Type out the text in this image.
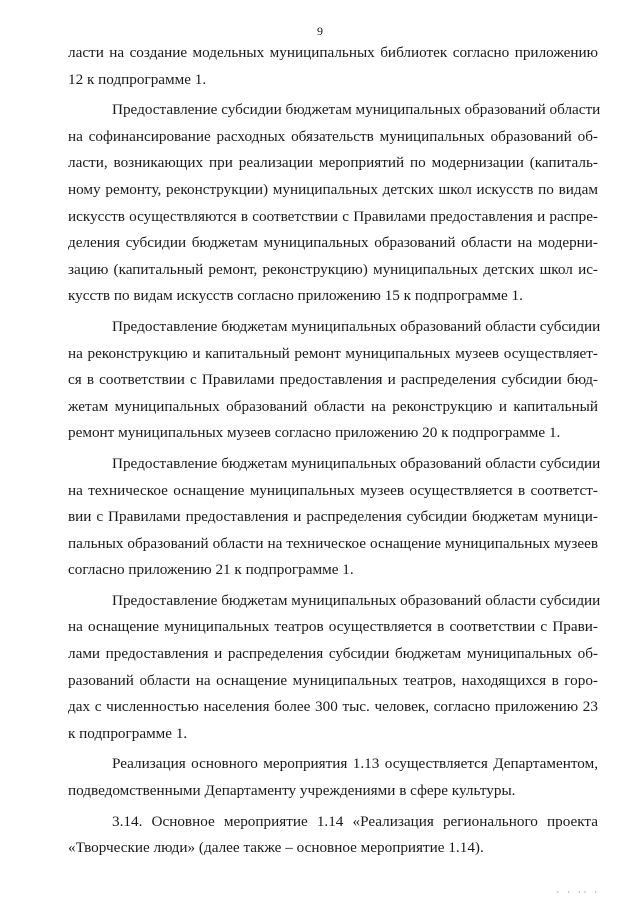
9
ласти на создание модельных муниципальных библиотек согласно приложению
12 к подпрограмме 1.
Предоставление субсидии бюджетам муниципальных образований области
на софинансирование расходных обязательств муниципальных образований об-
ласти, возникающих при реализации мероприятий по модернизации (капиталь-
ному ремонту, реконструкции) муниципальных детских школ искусств по видам
искусств осуществляются в соответствии с Правилами предоставления и распре-
деления субсидии бюджетам муниципальных образований области на модерни-
зацию (капитальный ремонт, реконструкцию) муниципальных детских школ ис-
кусств по видам искусств согласно приложению 15 к подпрограмме 1.
Предоставление бюджетам муниципальных образований области субсидии
на реконструкцию и капитальный ремонт муниципальных музеев осуществляет-
ся в соответствии с Правилами предоставления и распределения субсидии бюд-
жетам муниципальных образований области на реконструкцию и капитальный
ремонт муниципальных музеев согласно приложению 20 к подпрограмме 1.
Предоставление бюджетам муниципальных образований области субсидии
на техническое оснащение муниципальных музеев осуществляется в соответст-
вии с Правилами предоставления и распределения субсидии бюджетам муници-
пальных образований области на техническое оснащение муниципальных музеев
согласно приложению 21 к подпрограмме 1.
Предоставление бюджетам муниципальных образований области субсидии
на оснащение муниципальных театров осуществляется в соответствии с Прави-
лами предоставления и распределения субсидии бюджетам муниципальных об-
разований области на оснащение муниципальных театров, находящихся в горо-
дах с численностью населения более 300 тыс. человек, согласно приложению 23
к подпрограмме 1.
Реализация основного мероприятия 1.13 осуществляется Департаментом,
подведомственными Департаменту учреждениями в сфере культуры.
3.14. Основное мероприятие 1.14 «Реализация регионального проекта
«Творческие люди» (далее также – основное мероприятие 1.14).
· · ·· ·
